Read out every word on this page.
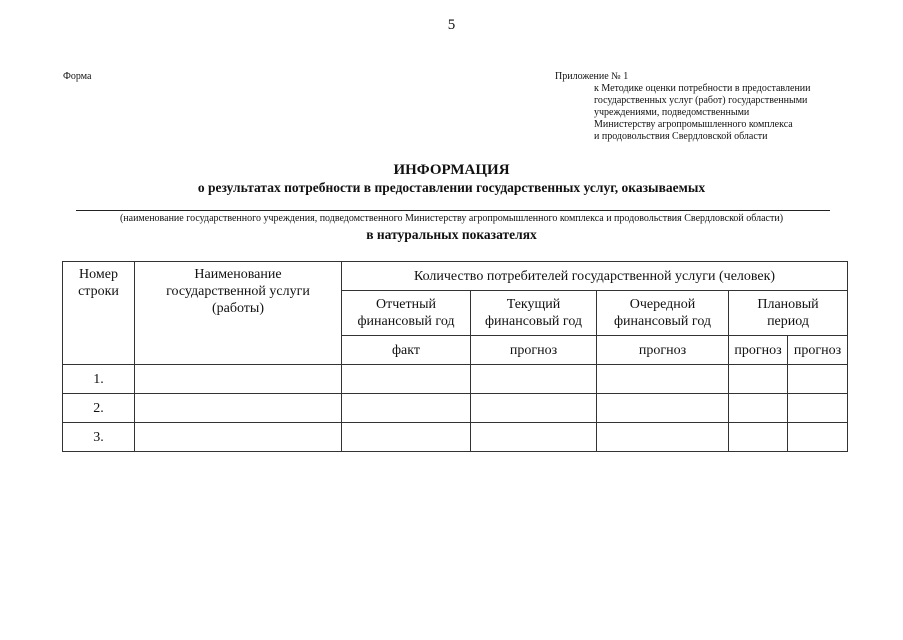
5
Форма	Приложение № 1
к Методике оценки потребности в предоставлении
государственных услуг (работ) государственными
учреждениями, подведомственными
Министерству агропромышленного комплекса
и продовольствия Свердловской области
ИНФОРМАЦИЯ
о результатах потребности в предоставлении государственных услуг, оказываемых
(наименование государственного учреждения, подведомственного Министерству агропромышленного комплекса и продовольствия Свердловской области)
в натуральных показателях
Номер строки	Наименование государственной услуги (работы)	Количество потребителей государственной услуги (человек)				
		Отчетный финансовый год	Текущий финансовый год	Очередной финансовый год	Плановый период	
		факт	прогноз	прогноз	прогноз	прогноз
1.						
2.						
3.						
